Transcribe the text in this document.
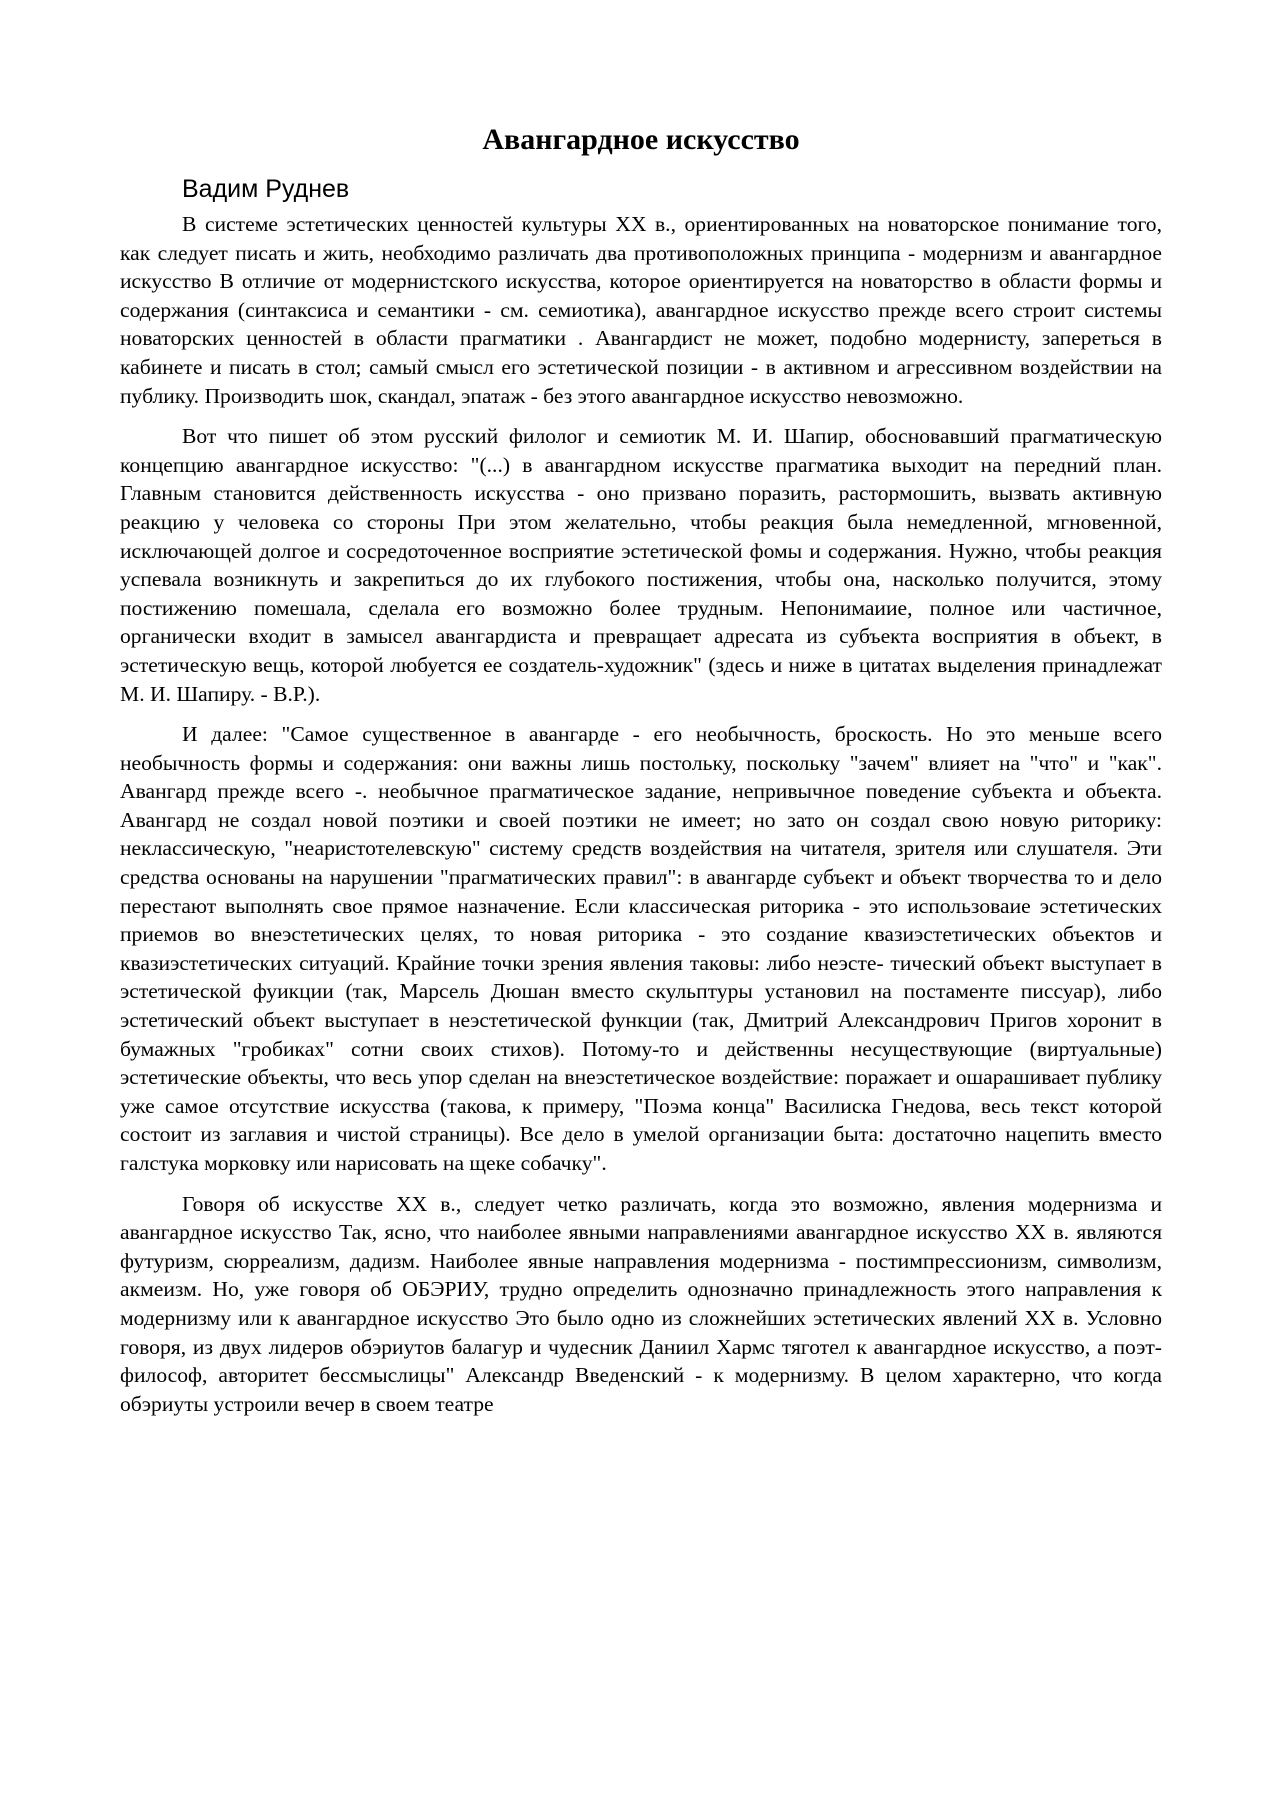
Авангардное искусство
Вадим Руднев

В системе эстетических ценностей культуры XX в., ориентированных на новаторское понимание того, как следует писать и жить, необходимо различать два противоположных принципа - модернизм и авангардное искусство В отличие от модернистского искусства, которое ориентируется на новаторство в области формы и содержания (синтаксиса и семантики - см. семиотика), авангардное искусство прежде всего строит системы новаторских ценностей в области прагматики . Авангардист не может, подобно модернисту, запереться в кабинете и писать в стол; самый смысл его эстетической позиции - в активном и агрессивном воздействии на публику. Производить шок, скандал, эпатаж - без этого авангардное искусство невозможно.

Вот что пишет об этом русский филолог и семиотик М. И. Шапир, обосновавший прагматическую концепцию авангардное искусство: "(...) в авангардном искусстве прагматика выходит на передний план. Главным становится действенность искусства - оно призвано поразить, растормошить, вызвать активную реакцию у человека со стороны При этом желательно, чтобы реакция была немедленной, мгновенной, исключающей долгое и сосредоточенное восприятие эстетической фомы и содержания. Нужно, чтобы реакция успевала возникнуть и закрепиться до их глубокого постижения, чтобы она, насколько получится, этому постижению помешала, сделала его возможно более трудным. Непонимаиие, полное или частичное, органически входит в замысел авангардиста и превращает адресата из субъекта восприятия в объект, в эстетическую вещь, которой любуется ее создатель-художник" (здесь и ниже в цитатах выделения принадлежат М. И. Шапиру. - В.Р.).

И далее: "Самое существенное в авангарде - его необычность, броскость. Но это меньше всего необычность формы и содержания: они важны лишь постольку, поскольку "зачем" влияет на "что" и "как". Авангард прежде всего -. необычное прагматическое задание, непривычное поведение субъекта и объекта. Авангард не создал новой поэтики и своей поэтики не имеет; но зато он создал свою новую риторику: неклассическую, "неаристотелевскую" систему средств воздействия на читателя, зрителя или слушателя. Эти средства основаны на нарушении "прагматических правил": в авангарде субъект и объект творчества то и дело перестают выполнять свое прямое назначение. Если классическая риторика - это использоваие эстетических приемов во внеэстетических целях, то новая риторика - это создание квазиэстетических объектов и квазиэстетических ситуаций. Крайние точки зрения явления таковы: либо неэсте- тический объект выступает в эстетической фуикции (так, Марсель Дюшан вместо скульптуры установил на постаменте писсуар), либо эстетический объект выступает в неэстетической функции (так, Дмитрий Александрович Пригов хоронит в бумажных "гробиках" сотни своих стихов). Потому-то и действенны несуществующие (виртуальные) эстетические объекты, что весь упор сделан на внеэстетическое воздействие: поражает и ошарашивает публику уже самое отсутствие искусства (такова, к примеру, "Поэма конца" Василиска Гнедова, весь текст которой состоит из заглавия и чистой страницы). Все дело в умелой организации быта: достаточно нацепить вместо галстука морковку или нарисовать на щеке собачку".

Говоря об искусстве XX в., следует четко различать, когда это возможно, явления модернизма и авангардное искусство Так, ясно, что наиболее явными направлениями авангардное искусство XX в. являются футуризм, сюрреализм, дадизм. Наиболее явные направления модернизма - постимпрессионизм, символизм, акмеизм. Но, уже говоря об ОБЭРИУ, трудно определить однозначно принадлежность этого направления к модернизму или к авангардное искусство Это было одно из сложнейших эстетических явлений XX в. Условно говоря, из двух лидеров обэриутов балагур и чудесник Даниил Хармс тяготел к авангардное искусство, а поэт-философ, авторитет бессмыслицы" Александр Введенский - к модернизму. В целом характерно, что когда обэриуты устроили вечер в своем театре
